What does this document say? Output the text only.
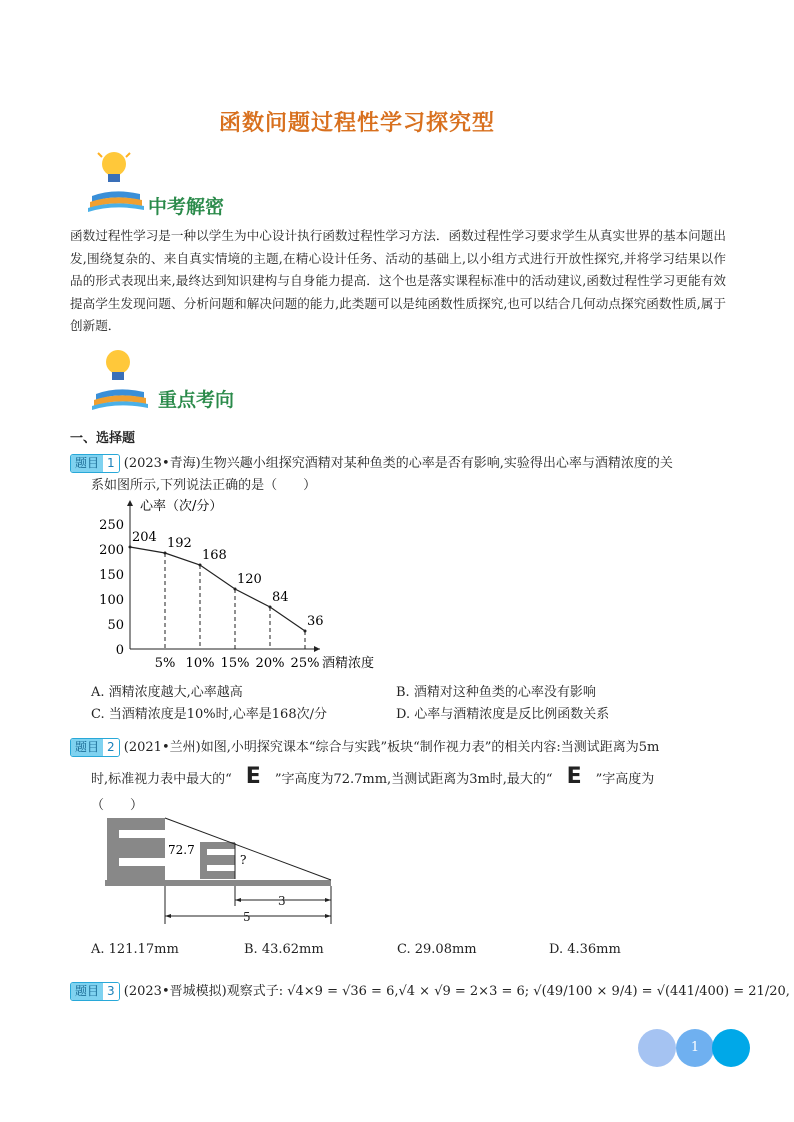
函数问题过程性学习探究型
中考解密
函数过程性学习是一种以学生为中心设计执行函数过程性学习方法．函数过程性学习要求学生从真实世界的基本问题出发,围绕复杂的、来自真实情境的主题,在精心设计任务、活动的基础上,以小组方式进行开放性探究,并将学习结果以作品的形式表现出来,最终达到知识建构与自身能力提高．这个也是落实课程标准中的活动建议,函数过程性学习更能有效提高学生发现问题、分析问题和解决问题的能力,此类题可以是纯函数性质探究,也可以结合几何动点探究函数性质,属于创新题．
重点考向
一、选择题
题目 1 (2023•青海)生物兴趣小组探究酒精对某种鱼类的心率是否有影响,实验得出心率与酒精浓度的关
系如图所示,下列说法正确的是（　　）
心率（次/分）
酒精浓度
0
50
100
150
200
250
5% 10% 15% 20% 25%
204 192
168
120
84
36
A. 酒精浓度越大,心率越高	B. 酒精对这种鱼类的心率没有影响
C. 当酒精浓度是10%时,心率是168次/分	D. 心率与酒精浓度是反比例函数关系
题目 2 (2021•兰州)如图,小明探究课本“综合与实践”板块“制作视力表”的相关内容:当测试距离为5m
时,标准视力表中最大的“ E ”字高度为72.7mm,当测试距离为3m时,最大的“ E ”字高度为
（　　）
72.7
?
3
5
A. 121.17mm	B. 43.62mm	C. 29.08mm	D. 4.36mm
题目 3 (2023•晋城模拟)观察式子: √4×9 = √36 = 6,√4 × √9 = 2×3 = 6; √(49/100 × 9/4) = √(441/400) = 21/20,
1
